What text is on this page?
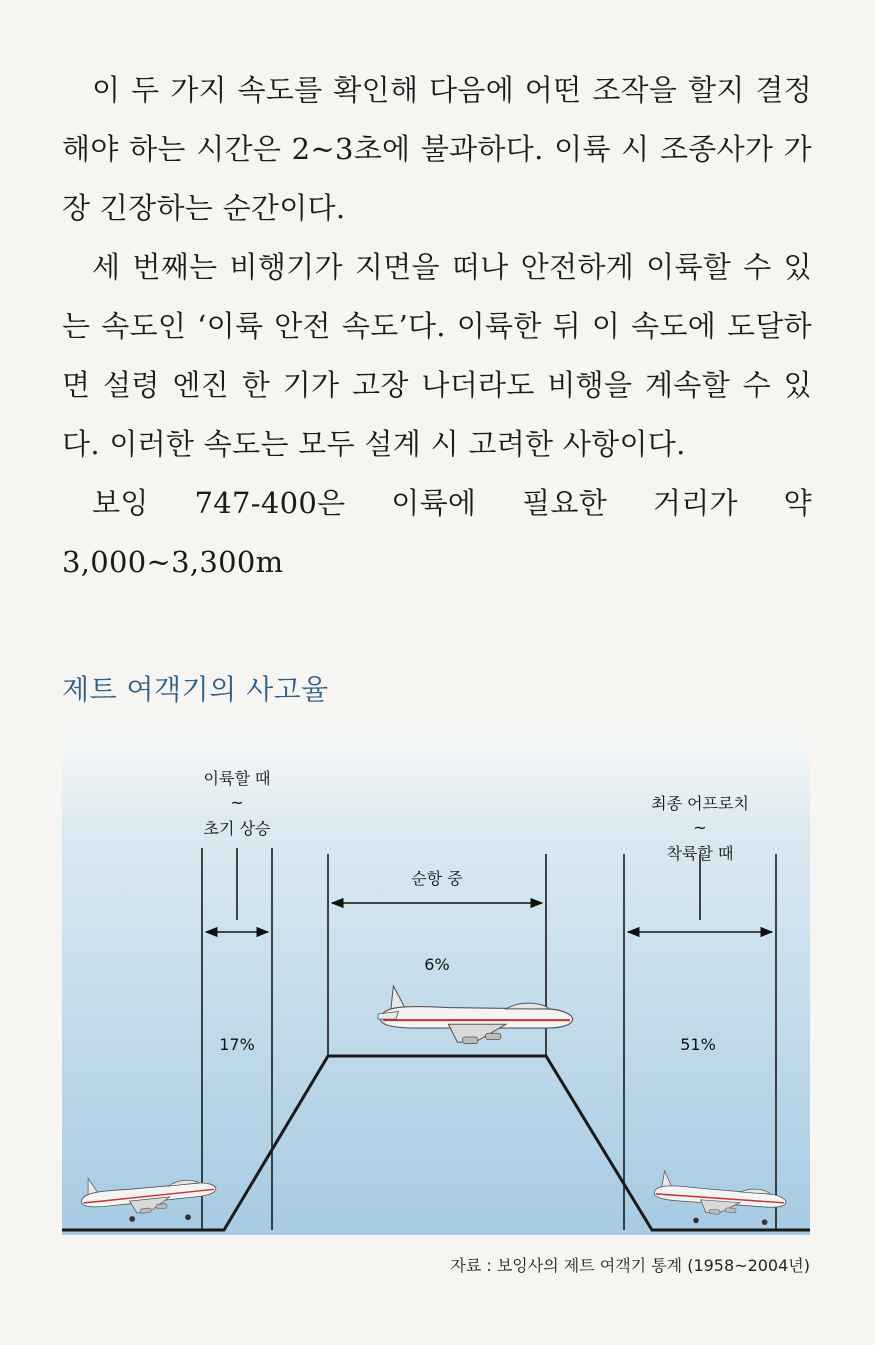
이 두 가지 속도를 확인해 다음에 어떤 조작을 할지 결정해야 하는 시간은 2~3초에 불과하다. 이륙 시 조종사가 가장 긴장하는 순간이다.

세 번째는 비행기가 지면을 떠나 안전하게 이륙할 수 있는 속도인 ‘이륙 안전 속도’다. 이륙한 뒤 이 속도에 도달하면 설령 엔진 한 기가 고장 나더라도 비행을 계속할 수 있다. 이러한 속도는 모두 설계 시 고려한 사항이다.

보잉 747-400은 이륙에 필요한 거리가 약 3,000~3,300m

제트 여객기의 사고율
이륙할 때
~
초기 상승
순항 중
최종 어프로치
~
착륙할 때
17%
6%
51%

자료 : 보잉사의 제트 여객기 통계 (1958~2004년)
